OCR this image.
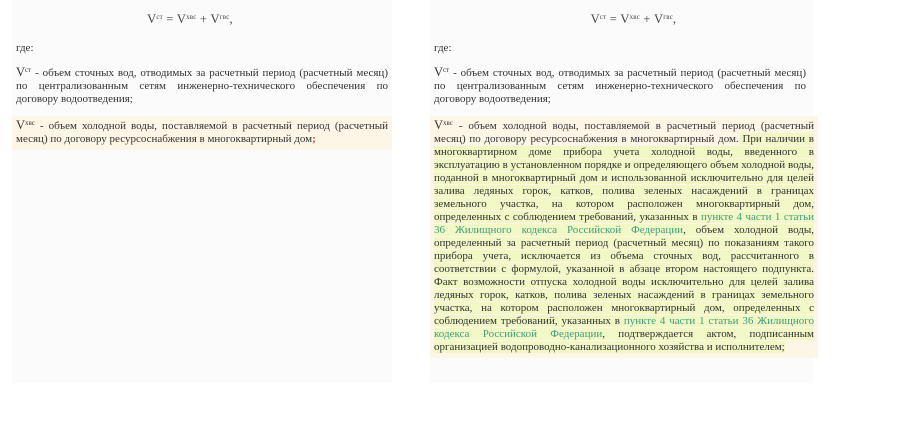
$V^{ст} = V^{хвс} + V^{гвс}$,
где:
$V^{ст}$ - объем сточных вод, отводимых за расчетный период (расчетный месяц) по централизованным сетям инженерно-технического обеспечения по договору водоотведения;
$V^{хвс}$ - объем холодной воды, поставляемой в расчетный период (расчетный месяц) по договору ресурсоснабжения в многоквартирный дом;
$V^{ст} = V^{хвс} + V^{гвс}$,
где:
$V^{ст}$ - объем сточных вод, отводимых за расчетный период (расчетный месяц) по централизованным сетям инженерно-технического обеспечения по договору водоотведения;
$V^{хвс}$ - объем холодной воды, поставляемой в расчетный период (расчетный месяц) по договору ресурсоснабжения в многоквартирный дом. При наличии в многоквартирном доме прибора учета холодной воды, введенного в эксплуатацию в установленном порядке и определяющего объем холодной воды, поданной в многоквартирный дом и использованной исключительно для целей залива ледяных горок, катков, полива зеленых насаждений в границах земельного участка, на котором расположен многоквартирный дом, определенных с соблюдением требований, указанных в пункте 4 части 1 статьи 36 Жилищного кодекса Российской Федерации, объем холодной воды, определенный за расчетный период (расчетный месяц) по показаниям такого прибора учета, исключается из объема сточных вод, рассчитанного в соответствии с формулой, указанной в абзаце втором настоящего подпункта. Факт возможности отпуска холодной воды исключительно для целей залива ледяных горок, катков, полива зеленых насаждений в границах земельного участка, на котором расположен многоквартирный дом, определенных с соблюдением требований, указанных в пункте 4 части 1 статьи 36 Жилищного кодекса Российской Федерации, подтверждается актом, подписанным организацией водопроводно-канализационного хозяйства и исполнителем;
